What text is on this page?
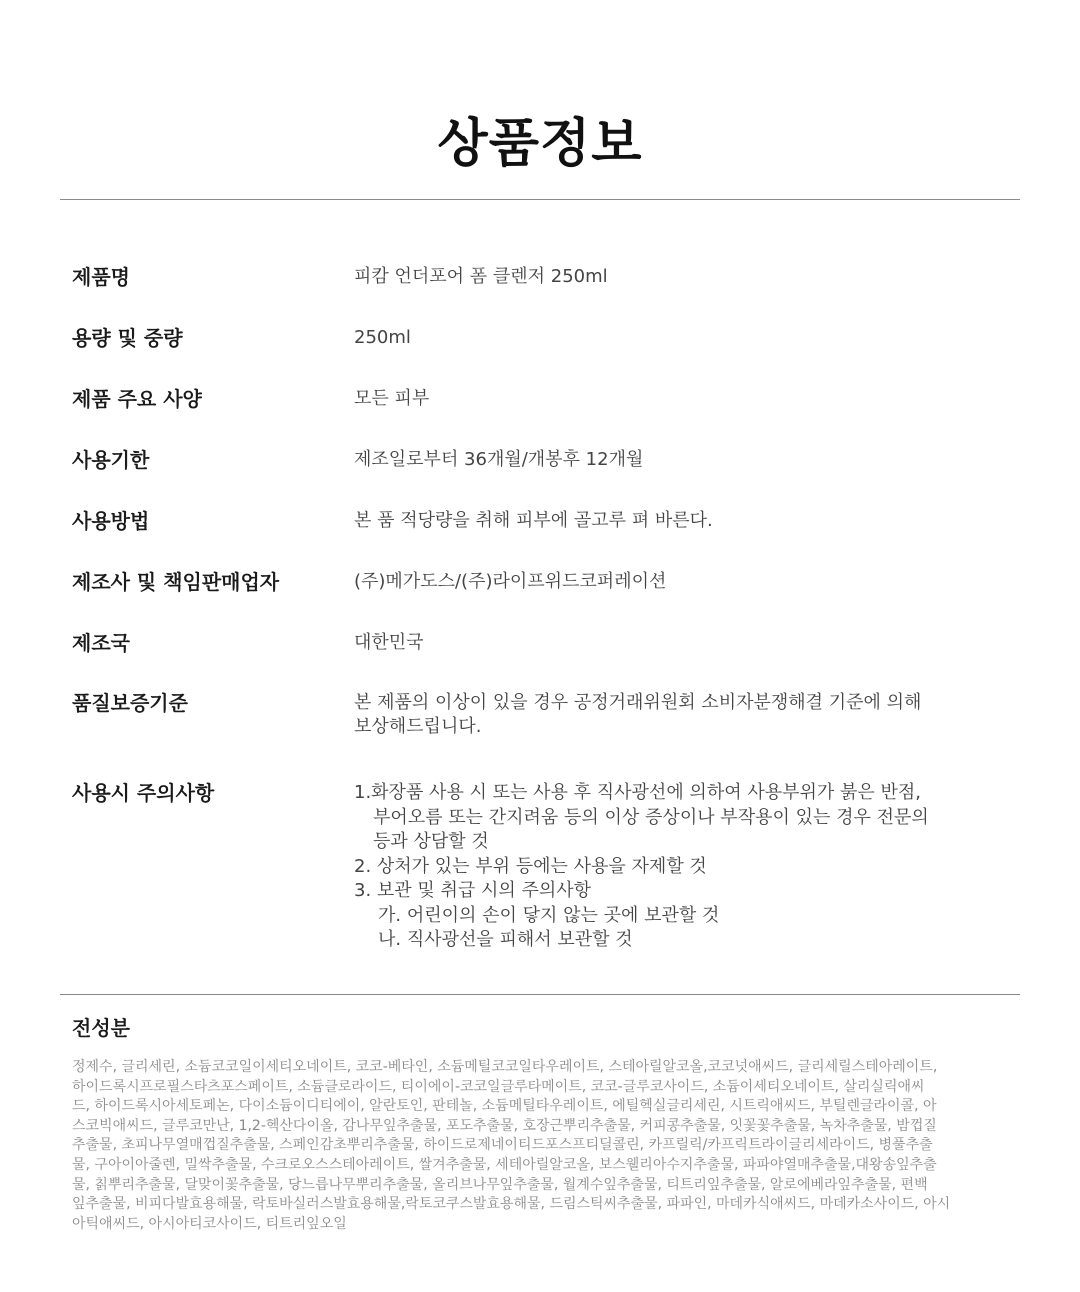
상품정보
제품명	피캄 언더포어 폼 클렌저 250ml
용량 및 중량	250ml
제품 주요 사양	모든 피부
사용기한	제조일로부터 36개월/개봉후 12개월
사용방법	본 품 적당량을 취해 피부에 골고루 펴 바른다.
제조사 및 책임판매업자	(주)메가도스/(주)라이프위드코퍼레이션
제조국	대한민국
품질보증기준	본 제품의 이상이 있을 경우 공정거래위원회 소비자분쟁해결 기준에 의해
보상해드립니다.
사용시 주의사항	1.화장품 사용 시 또는 사용 후 직사광선에 의하여 사용부위가 붉은 반점,
부어오름 또는 간지려움 등의 이상 증상이나 부작용이 있는 경우 전문의
등과 상담할 것
2. 상처가 있는 부위 등에는 사용을 자제할 것
3. 보관 및 취급 시의 주의사항
가. 어린이의 손이 닿지 않는 곳에 보관할 것
나. 직사광선을 피해서 보관할 것
전성분
정제수, 글리세린, 소듐코코일이세티오네이트, 코코-베타인, 소듐메틸코코일타우레이트, 스테아릴알코올,코코넛애씨드, 글리세릴스테아레이트,
하이드록시프로필스타츠포스페이트, 소듐클로라이드, 티이에이-코코일글루타메이트, 코코-글루코사이드, 소듐이세티오네이트, 살리실릭애씨
드, 하이드록시아세토페논, 다이소듐이디티에이, 알란토인, 판테놀, 소듐메틸타우레이트, 에틸헥실글리세린, 시트릭애씨드, 부틸렌글라이콜, 아
스코빅애씨드, 글루코만난, 1,2-헥산다이올, 감나무잎추출물, 포도추출물, 호장근뿌리추출물, 커피콩추출물, 잇꽃꽃추출물, 녹차추출물, 밤껍질
추출물, 초피나무열매껍질추출물, 스페인감초뿌리추출물, 하이드로제네이티드포스프티딜콜린, 카프릴릭/카프릭트라이글리세라이드, 병풀추출
물, 구아이아줄렌, 밀싹추출물, 수크로오스스테아레이트, 쌀겨추출물, 세테아릴알코올, 보스웰리아수지추출물, 파파야열매추출물,대왕송잎추출
물, 칡뿌리추출물, 달맞이꽃추출물, 당느릅나무뿌리추출물, 올리브나무잎추출물, 월계수잎추출물, 티트리잎추출물, 알로에베라잎추출물, 편백
잎추출물, 비피다발효용해물, 락토바실러스발효용해물,락토코쿠스발효용해물, 드림스틱씨추출물, 파파인, 마데카식애씨드, 마데카소사이드, 아시
아틱애씨드, 아시아티코사이드, 티트리잎오일
